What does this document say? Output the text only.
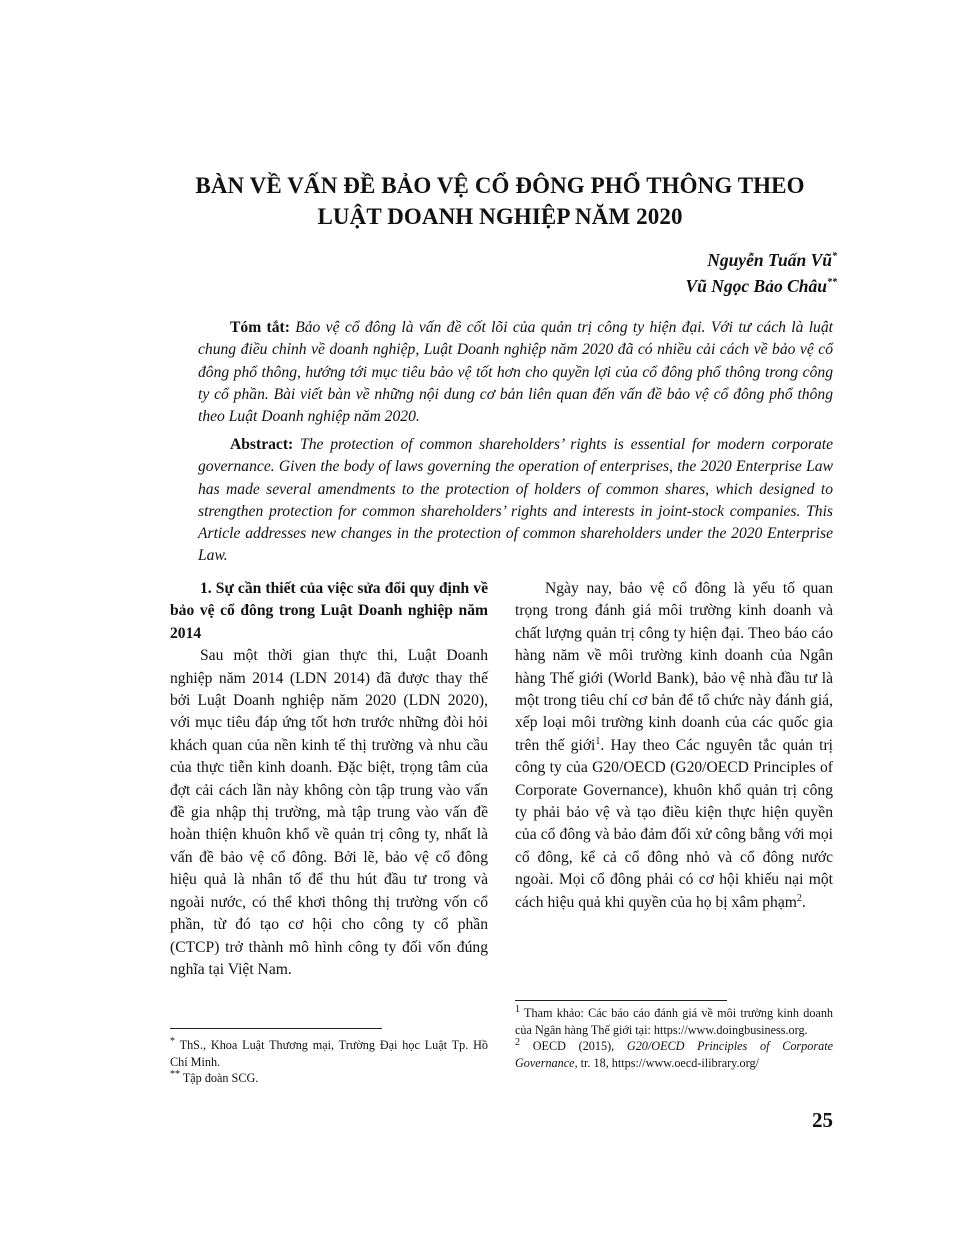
BÀN VỀ VẤN ĐỀ BẢO VỆ CỔ ĐÔNG PHỔ THÔNG THEO
LUẬT DOANH NGHIỆP NĂM 2020
Nguyễn Tuấn Vũ*
Vũ Ngọc Bảo Châu**
Tóm tắt: Bảo vệ cổ đông là vấn đề cốt lõi của quản trị công ty hiện đại. Với tư cách là luật chung điều chỉnh về doanh nghiệp, Luật Doanh nghiệp năm 2020 đã có nhiều cải cách về bảo vệ cổ đông phổ thông, hướng tới mục tiêu bảo vệ tốt hơn cho quyền lợi của cổ đông phổ thông trong công ty cổ phần. Bài viết bàn về những nội dung cơ bản liên quan đến vấn đề bảo vệ cổ đông phổ thông theo Luật Doanh nghiệp năm 2020.
Abstract: The protection of common shareholders’ rights is essential for modern corporate governance. Given the body of laws governing the operation of enterprises, the 2020 Enterprise Law has made several amendments to the protection of holders of common shares, which designed to strengthen protection for common shareholders’ rights and interests in joint-stock companies. This Article addresses new changes in the protection of common shareholders under the 2020 Enterprise Law.

1. Sự cần thiết của việc sửa đổi quy định về bảo vệ cổ đông trong Luật Doanh nghiệp năm 2014

Sau một thời gian thực thi, Luật Doanh nghiệp năm 2014 (LDN 2014) đã được thay thế bởi Luật Doanh nghiệp năm 2020 (LDN 2020), với mục tiêu đáp ứng tốt hơn trước những đòi hỏi khách quan của nền kinh tế thị trường và nhu cầu của thực tiễn kinh doanh. Đặc biệt, trọng tâm của đợt cải cách lần này không còn tập trung vào vấn đề gia nhập thị trường, mà tập trung vào vấn đề hoàn thiện khuôn khổ về quản trị công ty, nhất là vấn đề bảo vệ cổ đông. Bởi lẽ, bảo vệ cổ đông hiệu quả là nhân tố để thu hút đầu tư trong và ngoài nước, có thể khơi thông thị trường vốn cổ phần, từ đó tạo cơ hội cho công ty cổ phần (CTCP) trở thành mô hình công ty đối vốn đúng nghĩa tại Việt Nam.

Ngày nay, bảo vệ cổ đông là yếu tố quan trọng trong đánh giá môi trường kinh doanh và chất lượng quản trị công ty hiện đại. Theo báo cáo hàng năm về môi trường kinh doanh của Ngân hàng Thế giới (World Bank), bảo vệ nhà đầu tư là một trong tiêu chí cơ bản để tổ chức này đánh giá, xếp loại môi trường kinh doanh của các quốc gia trên thế giới$^1$. Hay theo Các nguyên tắc quản trị công ty của G20/OECD (G20/OECD Principles of Corporate Governance), khuôn khổ quản trị công ty phải bảo vệ và tạo điều kiện thực hiện quyền của cổ đông và bảo đảm đối xử công bằng với mọi cổ đông, kể cả cổ đông nhỏ và cổ đông nước ngoài. Mọi cổ đông phải có cơ hội khiếu nại một cách hiệu quả khi quyền của họ bị xâm phạm$^2$.

* ThS., Khoa Luật Thương mại, Trường Đại học Luật Tp. Hồ Chí Minh.

** Tập đoàn SCG.

$^1$ Tham khảo: Các báo cáo đánh giá về môi trường kinh doanh của Ngân hàng Thế giới tại: https://www.doingbusiness.org.

$^2$ OECD (2015), G20/OECD Principles of Corporate Governance, tr. 18, https://www.oecd-ilibrary.org/

25
